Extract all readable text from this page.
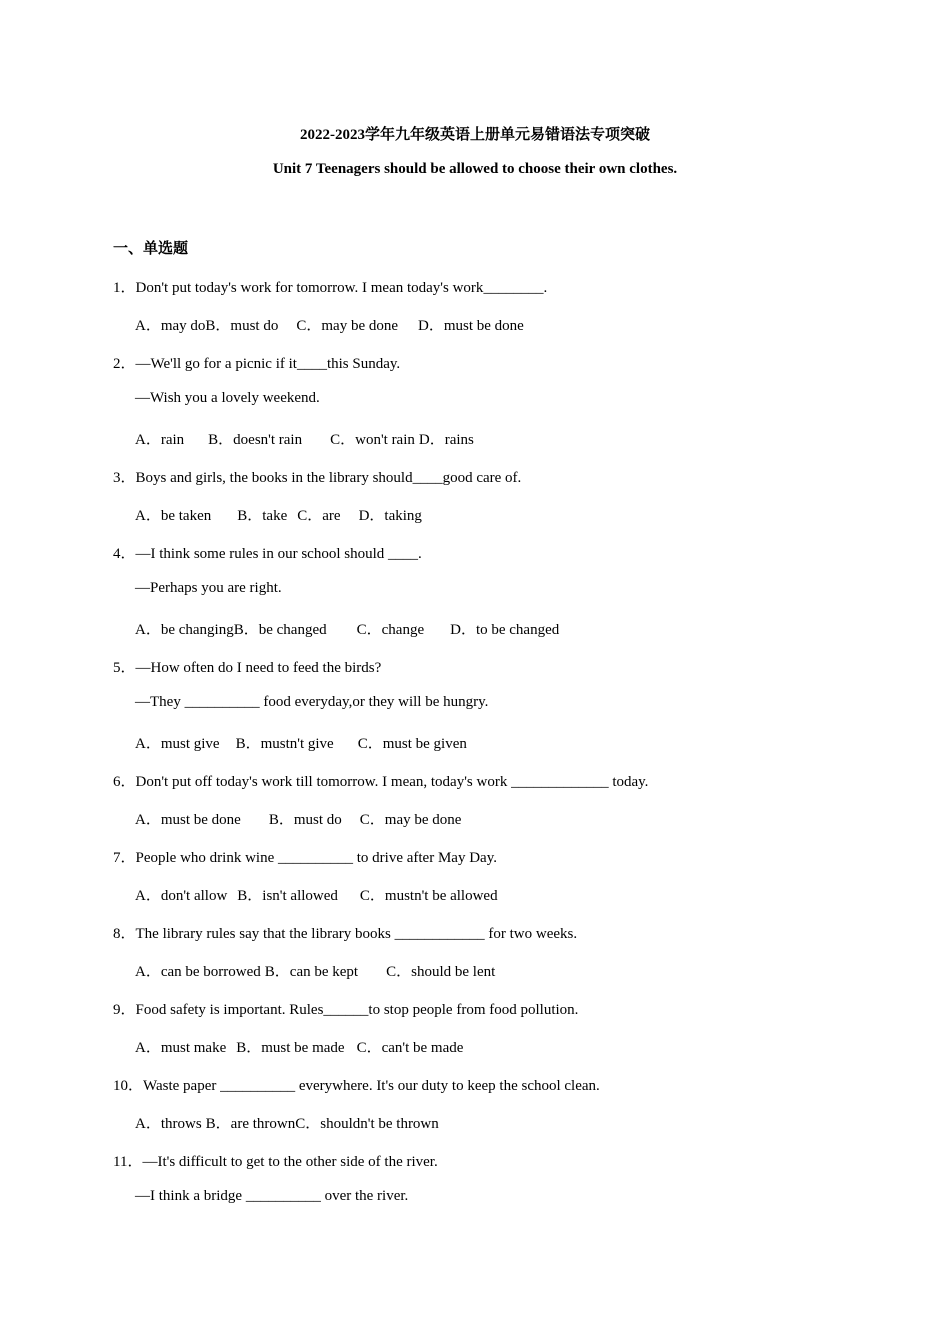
2022-2023学年九年级英语上册单元易错语法专项突破
Unit 7 Teenagers should be allowed to choose their own clothes.
一、单选题
1．Don't put today's work for tomorrow. I mean today's work________.
A．may doB．must do C．may be done D．must be done
2．—We'll go for a picnic if it____this Sunday.
—Wish you a lovely weekend.
A．rain B．doesn't rain C．won't rain D．rains
3．Boys and girls, the books in the library should____good care of.
A．be taken B．take C．are D．taking
4．—I think some rules in our school should ____.
—Perhaps you are right.
A．be changingB．be changed C．change D．to be changed
5．—How often do I need to feed the birds?
—They __________ food everyday,or they will be hungry.
A．must give B．mustn't give C．must be given
6．Don't put off today's work till tomorrow. I mean, today's work _____________ today.
A．must be done B．must do C．may be done
7．People who drink wine __________ to drive after May Day.
A．don't allow B．isn't allowed C．mustn't be allowed
8．The library rules say that the library books ____________ for two weeks.
A．can be borrowed B．can be kept C．should be lent
9．Food safety is important. Rules______to stop people from food pollution.
A．must make B．must be made C．can't be made
10．Waste paper __________ everywhere. It's our duty to keep the school clean.
A．throws B．are thrownC．shouldn't be thrown
11．—It's difficult to get to the other side of the river.
—I think a bridge __________ over the river.
